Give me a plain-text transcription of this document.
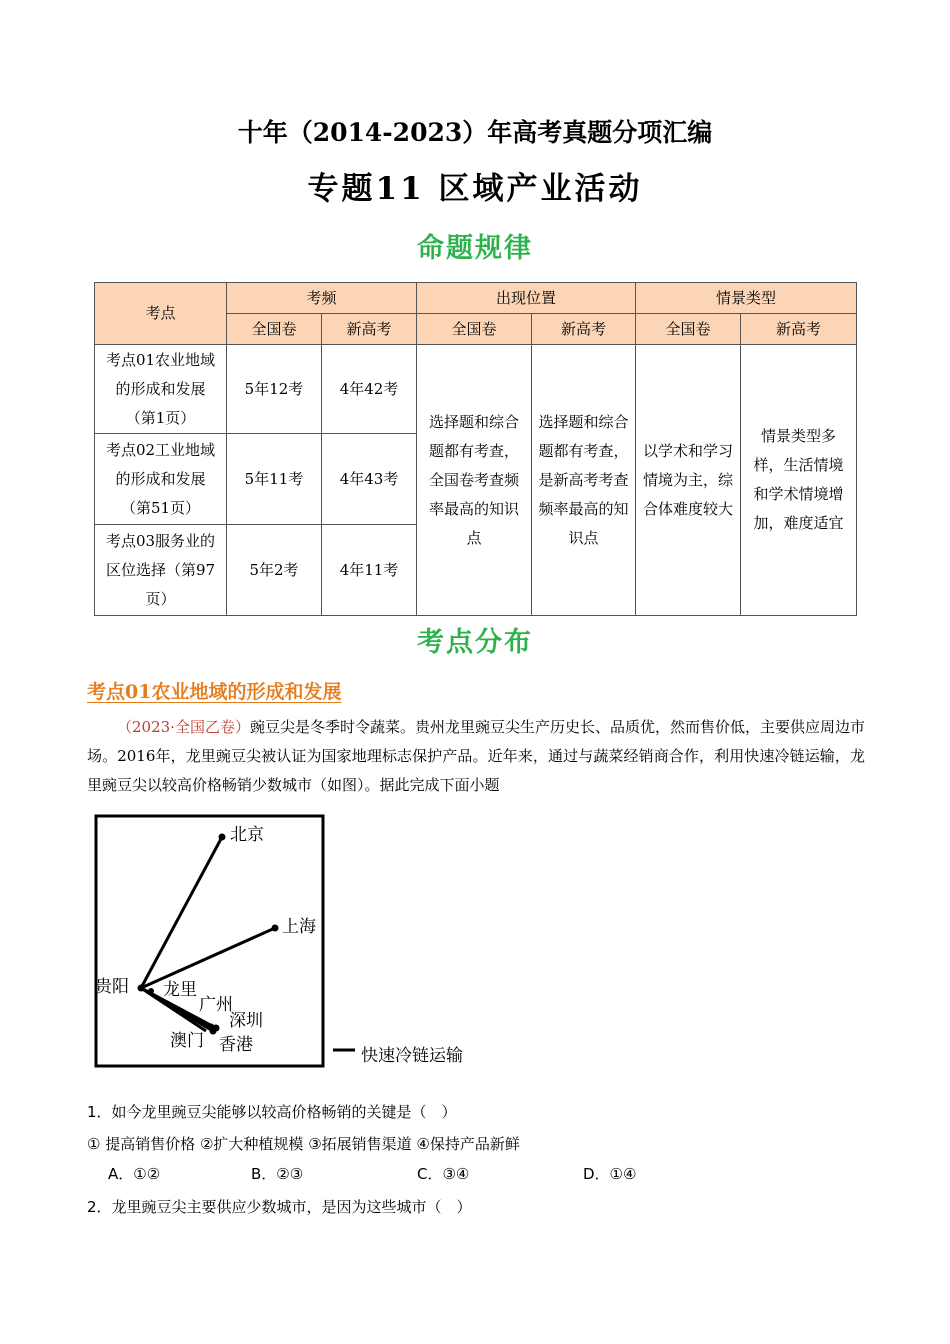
十年（2014-2023）年高考真题分项汇编
专题11 区域产业活动
命题规律
考点	考频		出现位置		情景类型	
	全国卷	新高考	全国卷	新高考	全国卷	新高考
考点01农业地域的形成和发展（第1页）	5年12考	4年42考	选择题和综合题都有考查，全国卷考查频率最高的知识点	选择题和综合题都有考查，是新高考考查频率最高的知识点	以学术和学习情境为主，综合体难度较大	情景类型多样，生活情境和学术情境增加，难度适宜
考点02工业地域的形成和发展（第51页）	5年11考	4年43考				
考点03服务业的区位选择（第97页）	5年2考	4年11考				
考点分布
考点01农业地域的形成和发展
（2023·全国乙卷）豌豆尖是冬季时令蔬菜。贵州龙里豌豆尖生产历史长、品质优，然而售价低，主要供应周边市场。2016年，龙里豌豆尖被认证为国家地理标志保护产品。近年来，通过与蔬菜经销商合作，利用快速冷链运输，龙里豌豆尖以较高价格畅销少数城市（如图）。据此完成下面小题
北京
上海
贵阳 龙里
广州
深圳
澳门 香港
快速冷链运输
1．如今龙里豌豆尖能够以较高价格畅销的关键是（　）
① 提高销售价格 ②扩大种植规模 ③拓展销售渠道 ④保持产品新鲜
A．①②	B．②③	C．③④	D．①④
2．龙里豌豆尖主要供应少数城市，是因为这些城市（　）
